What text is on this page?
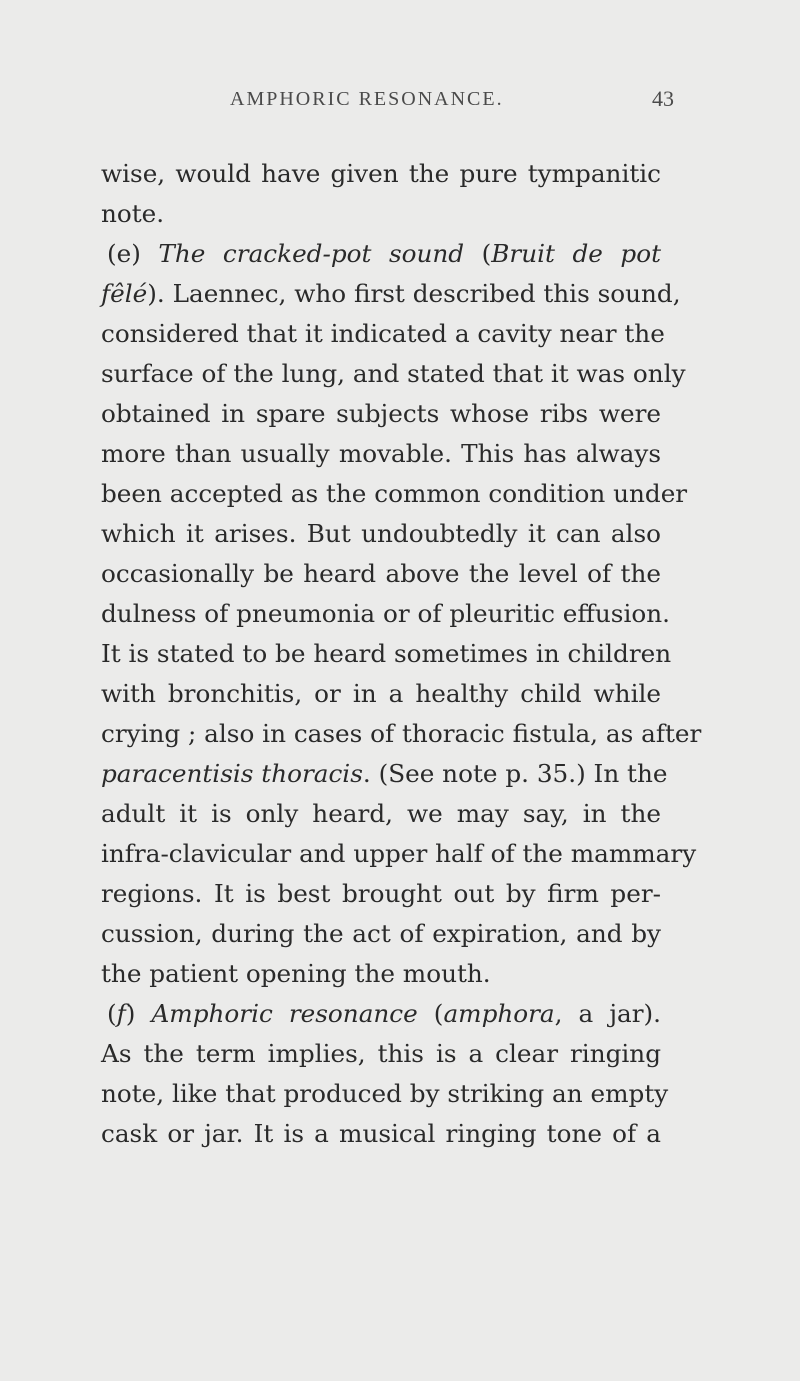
AMPHORIC RESONANCE.	43
wise, would have given the pure tympanitic
note.
(e) The cracked-pot sound (Bruit de pot
fêlé). Laennec, who first described this sound,
considered that it indicated a cavity near the
surface of the lung, and stated that it was only
obtained in spare subjects whose ribs were
more than usually movable. This has always
been accepted as the common condition under
which it arises. But undoubtedly it can also
occasionally be heard above the level of the
dulness of pneumonia or of pleuritic effusion.
It is stated to be heard sometimes in children
with bronchitis, or in a healthy child while
crying ; also in cases of thoracic fistula, as after
paracentisis thoracis. (See note p. 35.) In the
adult it is only heard, we may say, in the
infra-clavicular and upper half of the mammary
regions. It is best brought out by firm per-
cussion, during the act of expiration, and by
the patient opening the mouth.
(f) Amphoric resonance (amphora, a jar).
As the term implies, this is a clear ringing
note, like that produced by striking an empty
cask or jar. It is a musical ringing tone of a
